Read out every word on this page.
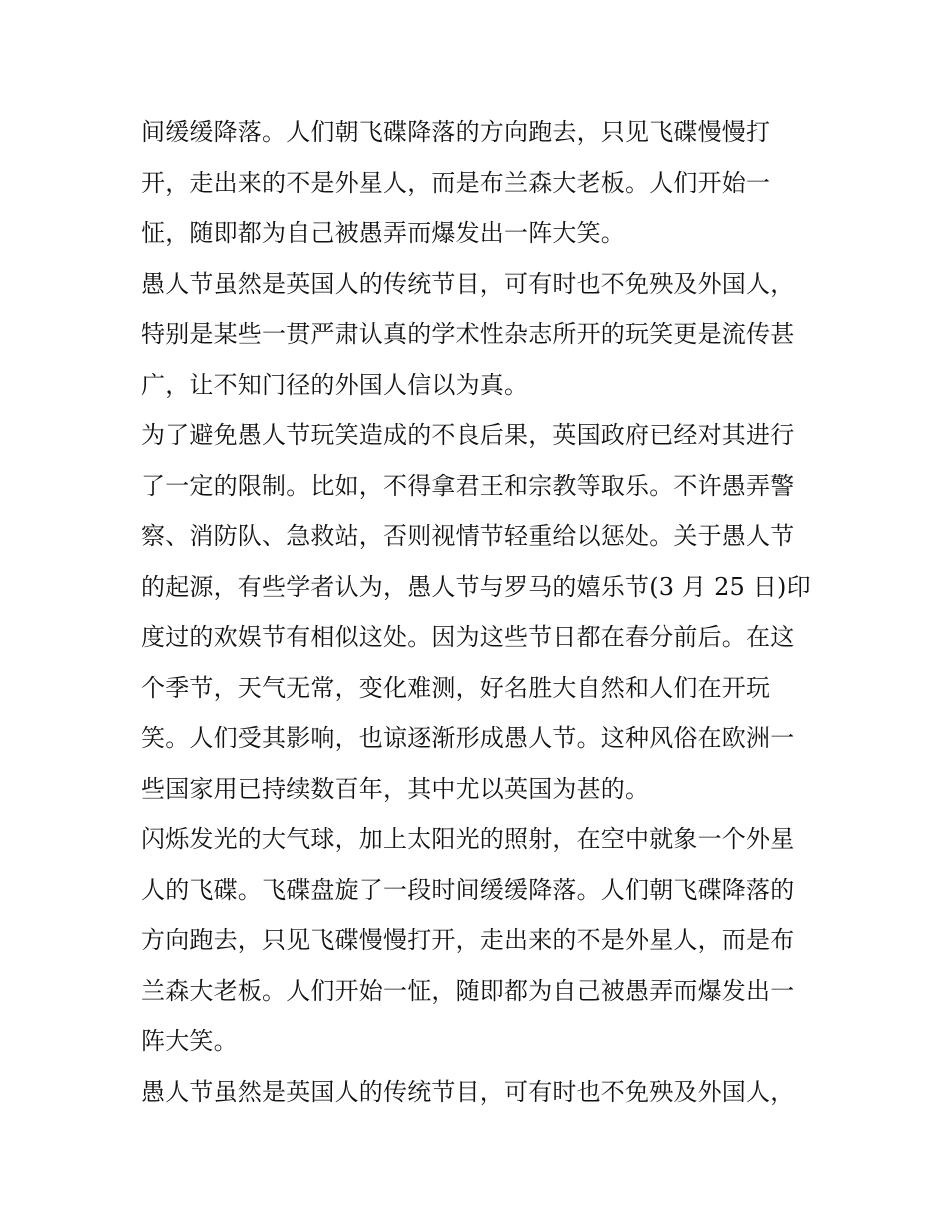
间缓缓降落。人们朝飞碟降落的方向跑去，只见飞碟慢慢打
开，走出来的不是外星人，而是布兰森大老板。人们开始一
怔，随即都为自己被愚弄而爆发出一阵大笑。
愚人节虽然是英国人的传统节目，可有时也不免殃及外国人，
特别是某些一贯严肃认真的学术性杂志所开的玩笑更是流传甚
广，让不知门径的外国人信以为真。
为了避免愚人节玩笑造成的不良后果，英国政府已经对其进行
了一定的限制。比如，不得拿君王和宗教等取乐。不许愚弄警
察、消防队、急救站，否则视情节轻重给以惩处。关于愚人节
的起源，有些学者认为，愚人节与罗马的嬉乐节(3 月 25 日)印
度过的欢娱节有相似这处。因为这些节日都在春分前后。在这
个季节，天气无常，变化难测，好名胜大自然和人们在开玩
笑。人们受其影响，也谅逐渐形成愚人节。这种风俗在欧洲一
些国家用已持续数百年，其中尤以英国为甚的。
闪烁发光的大气球，加上太阳光的照射，在空中就象一个外星
人的飞碟。飞碟盘旋了一段时间缓缓降落。人们朝飞碟降落的
方向跑去，只见飞碟慢慢打开，走出来的不是外星人，而是布
兰森大老板。人们开始一怔，随即都为自己被愚弄而爆发出一
阵大笑。
愚人节虽然是英国人的传统节目，可有时也不免殃及外国人，
